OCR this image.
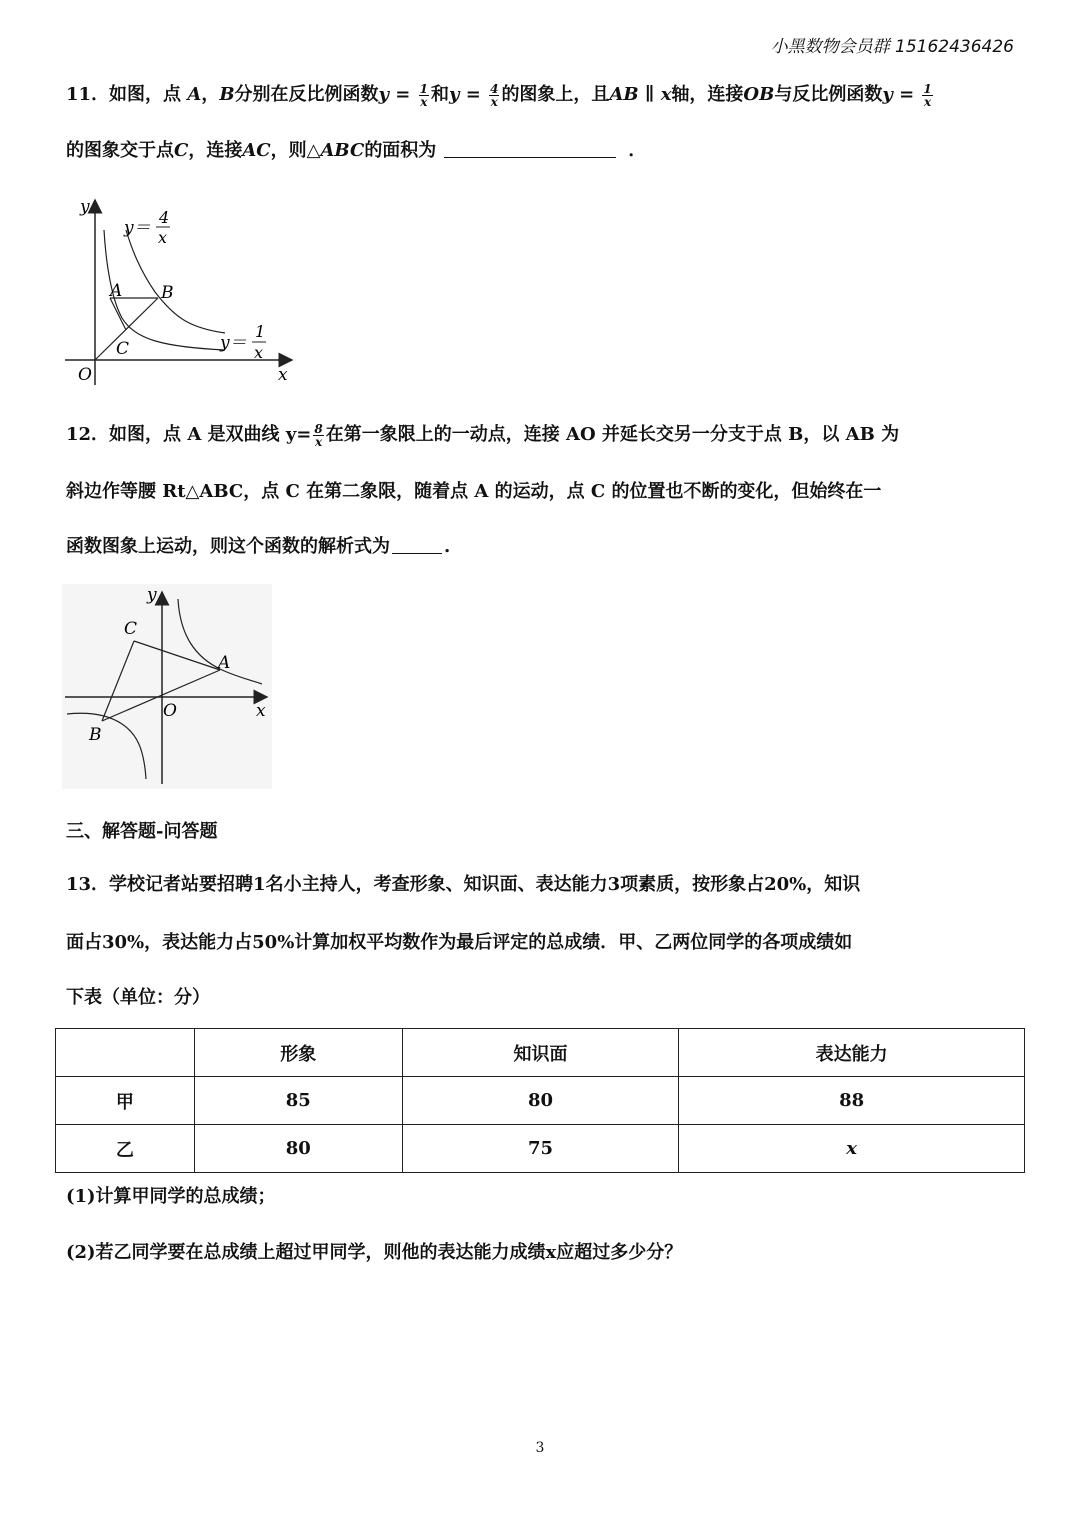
小黑数物会员群 15162436426
11．如图，点 A，B分别在反比例函数$y = \frac{1}{x}$ 和$y = \frac{4}{x}$ 的图象上，且AB ∥ x轴，连接OB与反比例函数$y = \frac{1}{x}$
的图象交于点C，连接AC，则△ABC的面积为	．
y
x
O
A B
C
y＝
4
x
y＝
1
x
12．如图，点 A 是双曲线 $y= \frac{8}{x}$ 在第一象限上的一动点，连接 AO 并延长交另一分支于点 B，以 AB 为
斜边作等腰 Rt△ABC，点 C 在第二象限，随着点 A 的运动，点 C 的位置也不断的变化，但始终在一
函数图象上运动，则这个函数的解析式为	.
y
x
O
A
B
C
三、解答题-问答题
13．学校记者站要招聘1名小主持人，考查形象、知识面、表达能力3项素质，按形象占20%，知识
面占30%，表达能力占50%计算加权平均数作为最后评定的总成绩．甲、乙两位同学的各项成绩如
下表（单位：分）
	形象	知识面	表达能力
甲	85	80	88
乙	80	75	x
(1)计算甲同学的总成绩；
(2)若乙同学要在总成绩上超过甲同学，则他的表达能力成绩x应超过多少分？
3
